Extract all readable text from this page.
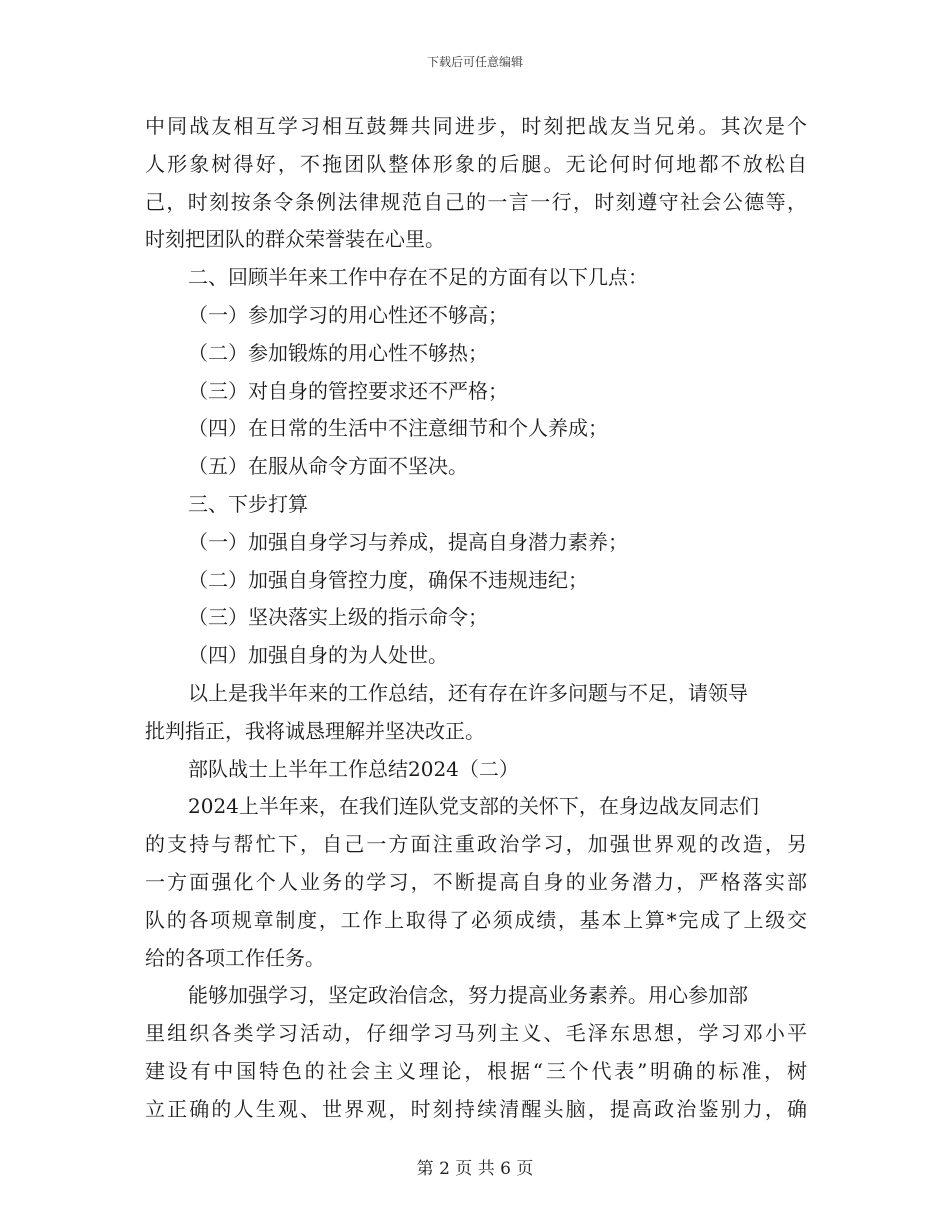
下载后可任意编辑
中同战友相互学习相互鼓舞共同进步，时刻把战友当兄弟。其次是个
人形象树得好，不拖团队整体形象的后腿。无论何时何地都不放松自
己，时刻按条令条例法律规范自己的一言一行，时刻遵守社会公德等，
时刻把团队的群众荣誉装在心里。
二、回顾半年来工作中存在不足的方面有以下几点：
（一）参加学习的用心性还不够高；
（二）参加锻炼的用心性不够热；
（三）对自身的管控要求还不严格；
（四）在日常的生活中不注意细节和个人养成；
（五）在服从命令方面不坚决。
三、下步打算
（一）加强自身学习与养成，提高自身潜力素养；
（二）加强自身管控力度，确保不违规违纪；
（三）坚决落实上级的指示命令；
（四）加强自身的为人处世。
以上是我半年来的工作总结，还有存在许多问题与不足，请领导
批判指正，我将诚恳理解并坚决改正。
部队战士上半年工作总结2024（二）
2024上半年来，在我们连队党支部的关怀下，在身边战友同志们
的支持与帮忙下，自己一方面注重政治学习，加强世界观的改造，另
一方面强化个人业务的学习，不断提高自身的业务潜力，严格落实部
队的各项规章制度，工作上取得了必须成绩，基本上算*完成了上级交
给的各项工作任务。
能够加强学习，坚定政治信念，努力提高业务素养。用心参加部
里组织各类学习活动，仔细学习马列主义、毛泽东思想，学习邓小平
建设有中国特色的社会主义理论，根据“三个代表”明确的标准，树
立正确的人生观、世界观，时刻持续清醒头脑，提高政治鉴别力，确
第 2 页 共 6 页
